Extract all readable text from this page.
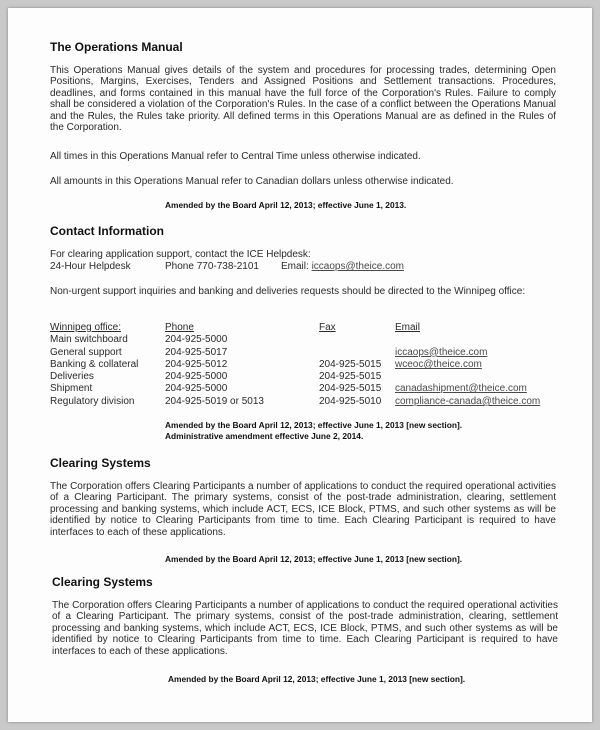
The Operations Manual

This Operations Manual gives details of the system and procedures for processing trades, determining Open Positions, Margins, Exercises, Tenders and Assigned Positions and Settlement transactions. Procedures, deadlines, and forms contained in this manual have the full force of the Corporation's Rules. Failure to comply shall be considered a violation of the Corporation's Rules. In the case of a conflict between the Operations Manual and the Rules, the Rules take priority. All defined terms in this Operations Manual are as defined in the Rules of the Corporation.

All times in this Operations Manual refer to Central Time unless otherwise indicated.

All amounts in this Operations Manual refer to Canadian dollars unless otherwise indicated.

Amended by the Board April 12, 2013; effective June 1, 2013.
Contact Information

For clearing application support, contact the ICE Helpdesk:

24-Hour Helpdesk	Phone 770-738-2101 Email: iccaops@theice.com

Non-urgent support inquiries and banking and deliveries requests should be directed to the Winnipeg office:

Winnipeg office:	Phone	Fax	Email
Main switchboard	204-925-5000		
General support	204-925-5017		iccaops@theice.com
Banking & collateral	204-925-5012	204-925-5015	wceoc@theice.com
Deliveries	204-925-5000	204-925-5015	
Shipment	204-925-5000	204-925-5015	canadashipment@theice.com
Regulatory division	204-925-5019 or 5013	204-925-5010	compliance-canada@theice.com
Amended by the Board April 12, 2013; effective June 1, 2013 [new section].
Administrative amendment effective June 2, 2014.
Clearing Systems

The Corporation offers Clearing Participants a number of applications to conduct the required operational activities of a Clearing Participant. The primary systems, consist of the post-trade administration, clearing, settlement processing and banking systems, which include ACT, ECS, ICE Block, PTMS, and such other systems as will be identified by notice to Clearing Participants from time to time. Each Clearing Participant is required to have interfaces to each of these applications.

Amended by the Board April 12, 2013; effective June 1, 2013 [new section].
Clearing Systems

The Corporation offers Clearing Participants a number of applications to conduct the required operational activities of a Clearing Participant. The primary systems, consist of the post-trade administration, clearing, settlement processing and banking systems, which include ACT, ECS, ICE Block, PTMS, and such other systems as will be identified by notice to Clearing Participants from time to time. Each Clearing Participant is required to have interfaces to each of these applications.

Amended by the Board April 12, 2013; effective June 1, 2013 [new section].
